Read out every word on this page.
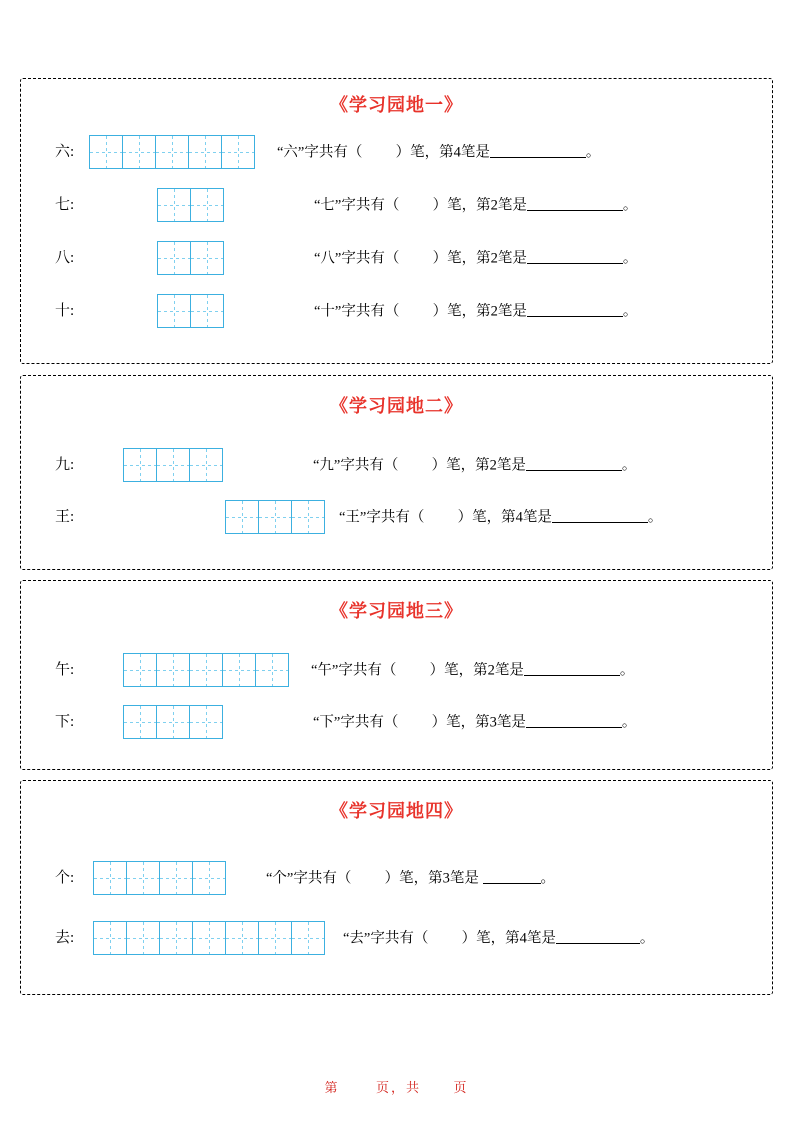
《学习园地一》
六:	“六”字共有（ ）笔，第4笔是	。
七:	“七”字共有（ ）笔，第2笔是	。
八:	“八”字共有（ ）笔，第2笔是	。
十:	“十”字共有（ ）笔，第2笔是	。
《学习园地二》
九:	“九”字共有（ ）笔，第2笔是	。
王:	“王”字共有（ ）笔，第4笔是	。
《学习园地三》
午:	“午”字共有（ ）笔，第2笔是	。
下:	“下”字共有（ ）笔，第3笔是	。
《学习园地四》
个:	“个”字共有（ ）笔，第3笔是	。
去:	“去”字共有（ ）笔，第4笔是	。
第	页，共	页
